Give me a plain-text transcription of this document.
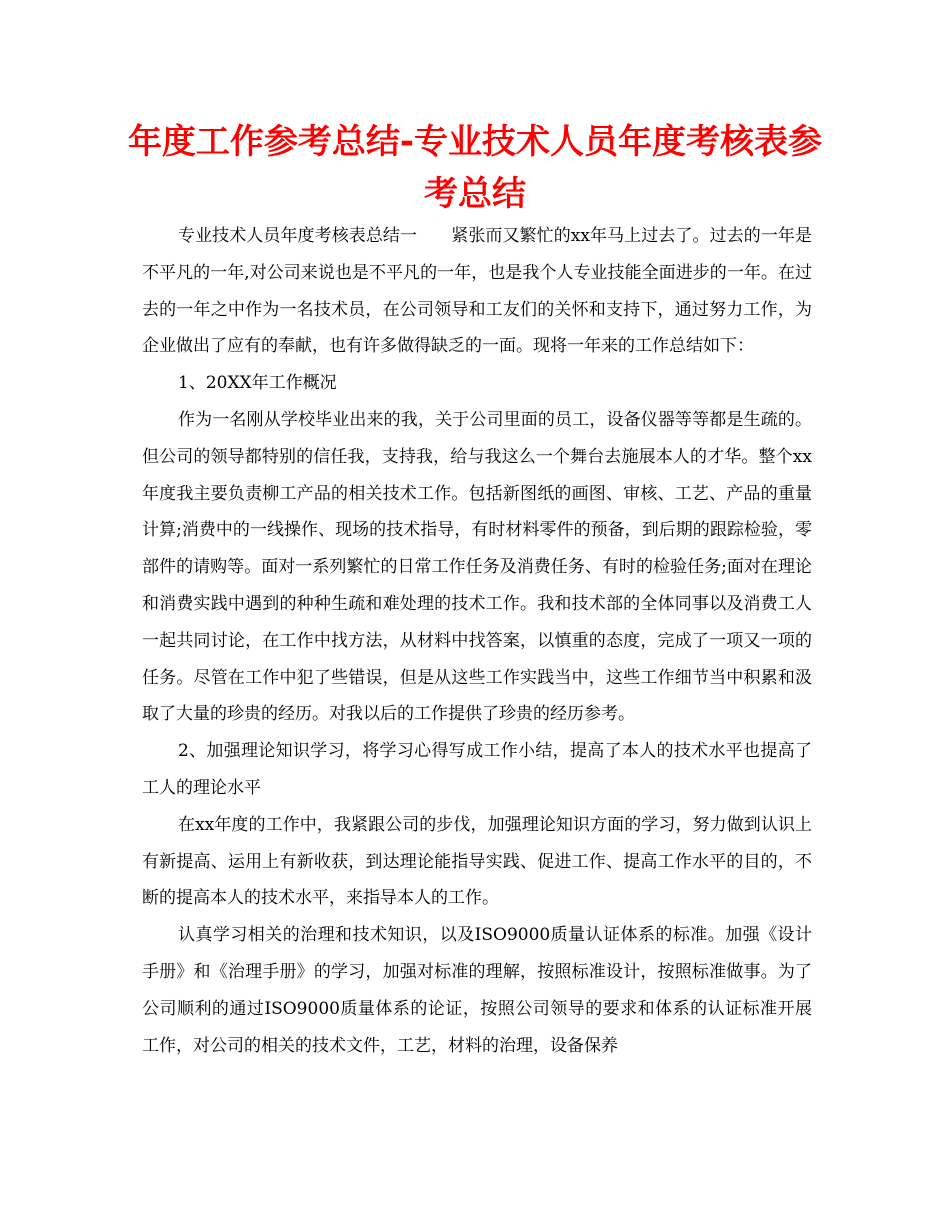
年度工作参考总结-专业技术人员年度考核表参考总结

专业技术人员年度考核表总结一　　紧张而又繁忙的xx年马上过去了。过去的一年是不平凡的一年,对公司来说也是不平凡的一年，也是我个人专业技能全面进步的一年。在过去的一年之中作为一名技术员，在公司领导和工友们的关怀和支持下，通过努力工作，为企业做出了应有的奉献，也有许多做得缺乏的一面。现将一年来的工作总结如下：

1、20XX年工作概况

作为一名刚从学校毕业出来的我，关于公司里面的员工，设备仪器等等都是生疏的。但公司的领导都特别的信任我，支持我，给与我这么一个舞台去施展本人的才华。整个xx年度我主要负责柳工产品的相关技术工作。包括新图纸的画图、审核、工艺、产品的重量计算;消费中的一线操作、现场的技术指导，有时材料零件的预备，到后期的跟踪检验，零部件的请购等。面对一系列繁忙的日常工作任务及消费任务、有时的检验任务;面对在理论和消费实践中遇到的种种生疏和难处理的技术工作。我和技术部的全体同事以及消费工人一起共同讨论，在工作中找方法，从材料中找答案，以慎重的态度，完成了一项又一项的任务。尽管在工作中犯了些错误，但是从这些工作实践当中，这些工作细节当中积累和汲取了大量的珍贵的经历。对我以后的工作提供了珍贵的经历参考。

2、加强理论知识学习，将学习心得写成工作小结，提高了本人的技术水平也提高了工人的理论水平

在xx年度的工作中，我紧跟公司的步伐，加强理论知识方面的学习，努力做到认识上有新提高、运用上有新收获，到达理论能指导实践、促进工作、提高工作水平的目的，不断的提高本人的技术水平，来指导本人的工作。

认真学习相关的治理和技术知识，以及ISO9000质量认证体系的标准。加强《设计手册》和《治理手册》的学习，加强对标准的理解，按照标准设计，按照标准做事。为了公司顺利的通过ISO9000质量体系的论证，按照公司领导的要求和体系的认证标准开展工作，对公司的相关的技术文件，工艺，材料的治理，设备保养
